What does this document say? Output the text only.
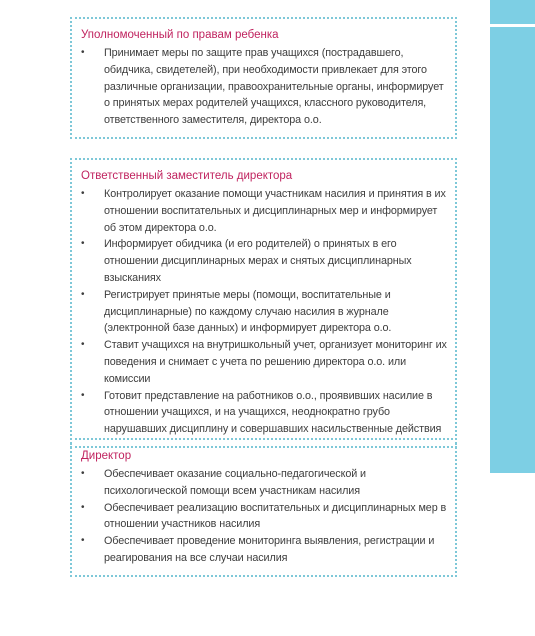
Уполномоченный по правам ребенка
• Принимает меры по защите прав учащихся (пострадавшего, обидчика, свидетелей), при необходимости привлекает для этого различные организации, правоохранительные органы, информирует о принятых мерах родителей учащихся, классного руководителя, ответственного заместителя, директора о.о.
Ответственный заместитель директора
• Контролирует оказание помощи участникам насилия и принятия в их отношении воспитательных и дисциплинарных мер и информирует об этом директора о.о.
• Информирует обидчика (и его родителей) о принятых в его отношении дисциплинарных мерах и снятых дисциплинарных взысканиях
• Регистрирует принятые меры (помощи, воспитательные и дисциплинарные) по каждому случаю насилия в журнале (электронной базе данных) и информирует директора о.о.
• Ставит учащихся на внутришкольный учет, организует мониторинг их поведения и снимает с учета по решению директора о.о. или комиссии
• Готовит представление на работников о.о., проявивших насилие в отношении учащихся, и на учащихся, неоднократно грубо нарушавших дисциплину и совершавших насильственные действия
Директор
• Обеспечивает оказание социально-педагогической и психологической помощи всем участникам насилия
• Обеспечивает реализацию воспитательных и дисциплинарных мер в отношении участников насилия
• Обеспечивает проведение мониторинга выявления, регистрации и реагирования на все случаи насилия
